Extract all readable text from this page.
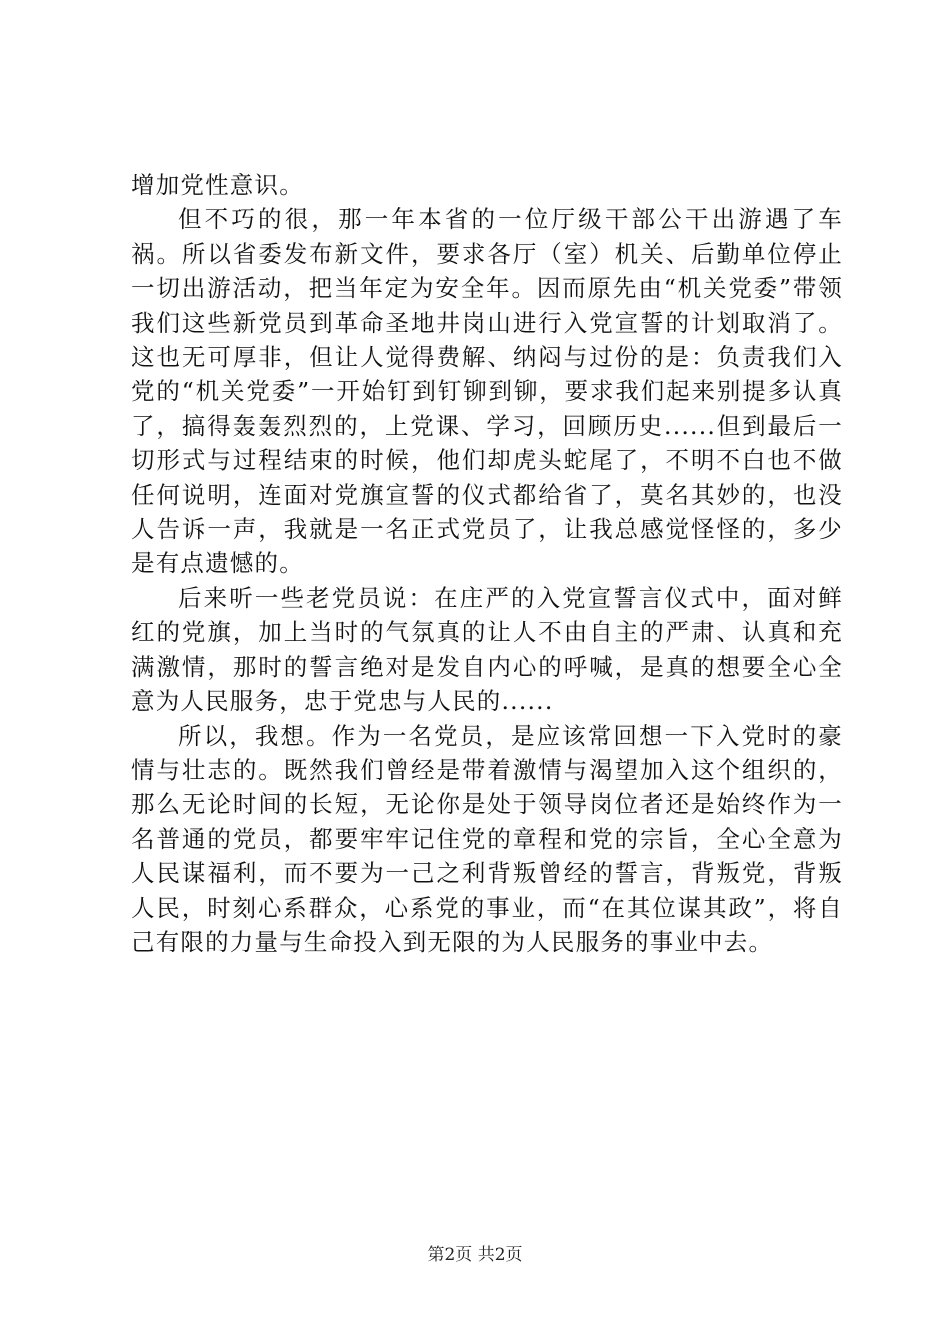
增加党性意识。

但不巧的很，那一年本省的一位厅级干部公干出游遇了车祸。所以省委发布新文件，要求各厅（室）机关、后勤单位停止一切出游活动，把当年定为安全年。因而原先由“机关党委”带领我们这些新党员到革命圣地井岗山进行入党宣誓的计划取消了。这也无可厚非，但让人觉得费解、纳闷与过份的是：负责我们入党的“机关党委”一开始钉到钉铆到铆，要求我们起来别提多认真了，搞得轰轰烈烈的，上党课、学习，回顾历史......但到最后一切形式与过程结束的时候，他们却虎头蛇尾了，不明不白也不做任何说明，连面对党旗宣誓的仪式都给省了，莫名其妙的，也没人告诉一声，我就是一名正式党员了，让我总感觉怪怪的，多少是有点遗憾的。

后来听一些老党员说：在庄严的入党宣誓言仪式中，面对鲜红的党旗，加上当时的气氛真的让人不由自主的严肃、认真和充满激情，那时的誓言绝对是发自内心的呼喊，是真的想要全心全意为人民服务，忠于党忠与人民的......

所以，我想。作为一名党员，是应该常回想一下入党时的豪情与壮志的。既然我们曾经是带着激情与渴望加入这个组织的，那么无论时间的长短，无论你是处于领导岗位者还是始终作为一名普通的党员，都要牢牢记住党的章程和党的宗旨，全心全意为人民谋福利，而不要为一己之利背叛曾经的誓言，背叛党，背叛人民，时刻心系群众，心系党的事业，而“在其位谋其政”，将自己有限的力量与生命投入到无限的为人民服务的事业中去。

第2页 共2页
